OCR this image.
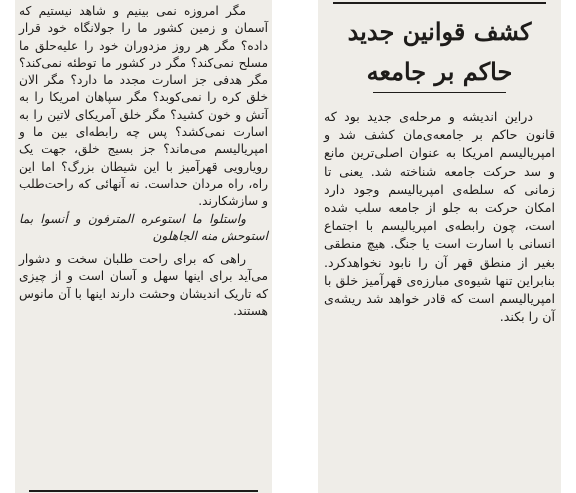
مگر امروزه نمی بینیم و شاهد نیستیم که آسمان و زمین کشور ما را جولانگاه خود قرار داده؟ مگر هر روز مزدوران خود را علیه‌حلق ما مسلح نمی‌کند؟ مگر در کشور ما توطئه نمی‌کند؟ مگر هدفی جز اسارت مجدد ما دارد؟ مگر الان خلق کره را نمی‌کوبد؟ مگر سپاهان امریکا را به آتش و خون کشید؟ مگر خلق آمریکای لاتین را به اسارت نمی‌کشد؟ پس چه رابطه‌ای بین ما و امپریالیسم می‌ماند؟ جز بسیج خلق، جهت یک رویارویی قهرآمیز با این شیطان بزرگ؟ اما این راه، راه مردان حداست. نه آنهائی که راحت‌طلب و سازشکارند.

واستلوا ما استوعره المترفون و أنسوا بما استوحش منه الجاهلون

راهی که برای راحت طلبان سخت و دشوار می‌آید برای اینها سهل و آسان است و از چیزی که تاریک اندیشان وحشت دارند اینها با آن مانوس هستند.

کشف قوانین جدید
حاکم بر جامعه

دراین اندیشه و مرحله‌ی جدید بود که قانون حاکم بر جامعه‌ی‌مان کشف شد و امپریالیسم امریکا به عنوان اصلی‌ترین مانع و سد حرکت جامعه شناخته شد. یعنی تا زمانی که سلطه‌ی امپریالیسم وجود دارد امکان حرکت به جلو از جامعه سلب شده است، چون رابطه‌ی امپریالیسم با اجتماع انسانی با اسارت است یا جنگ. هیچ منطقی بغیر از منطق قهر آن را نابود نخواهدکرد. بنابراین تنها شیوه‌ی مبارزه‌ی قهرآمیز خلق با امپریالیسم است که قادر خواهد شد ریشه‌ی آن را بکند.
